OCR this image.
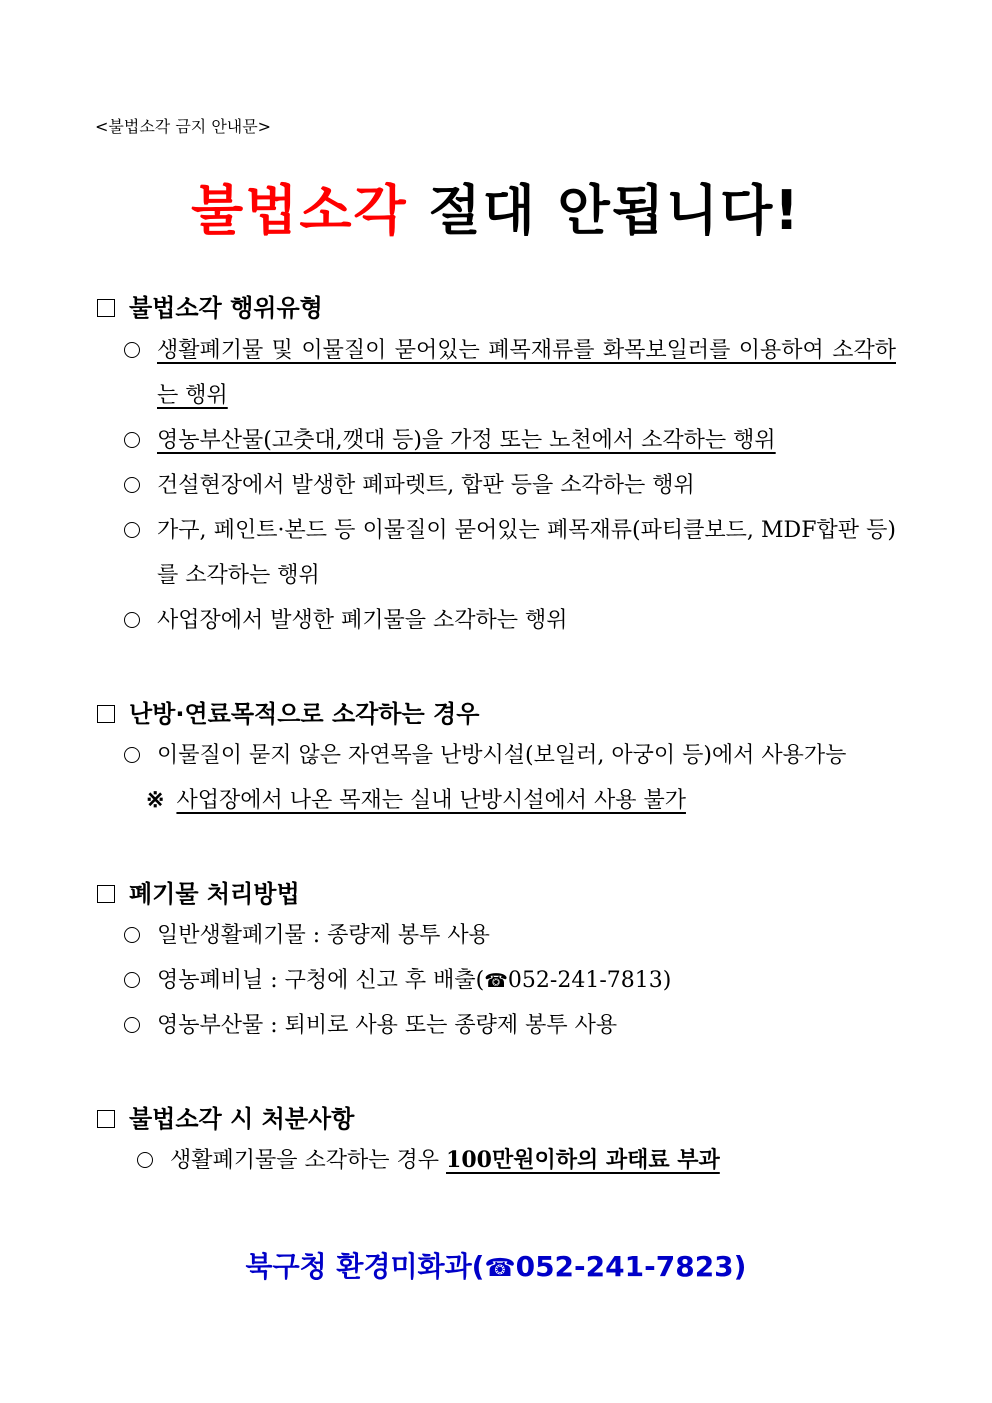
<불법소각 금지 안내문>
불법소각 절대 안됩니다!
불법소각 행위유형
생활폐기물 및 이물질이 묻어있는 폐목재류를 화목보일러를 이용하여 소각하는 행위
영농부산물(고춧대,깻대 등)을 가정 또는 노천에서 소각하는 행위
건설현장에서 발생한 폐파렛트, 합판 등을 소각하는 행위
가구, 페인트·본드 등 이물질이 묻어있는 폐목재류(파티클보드, MDF합판 등)를 소각하는 행위
사업장에서 발생한 폐기물을 소각하는 행위
난방·연료목적으로 소각하는 경우
이물질이 묻지 않은 자연목을 난방시설(보일러, 아궁이 등)에서 사용가능
※ 사업장에서 나온 목재는 실내 난방시설에서 사용 불가
폐기물 처리방법
일반생활폐기물 : 종량제 봉투 사용
영농폐비닐 : 구청에 신고 후 배출(☎052-241-7813)
영농부산물 : 퇴비로 사용 또는 종량제 봉투 사용
불법소각 시 처분사항
생활폐기물을 소각하는 경우 100만원이하의 과태료 부과
북구청 환경미화과(☎052-241-7823)
